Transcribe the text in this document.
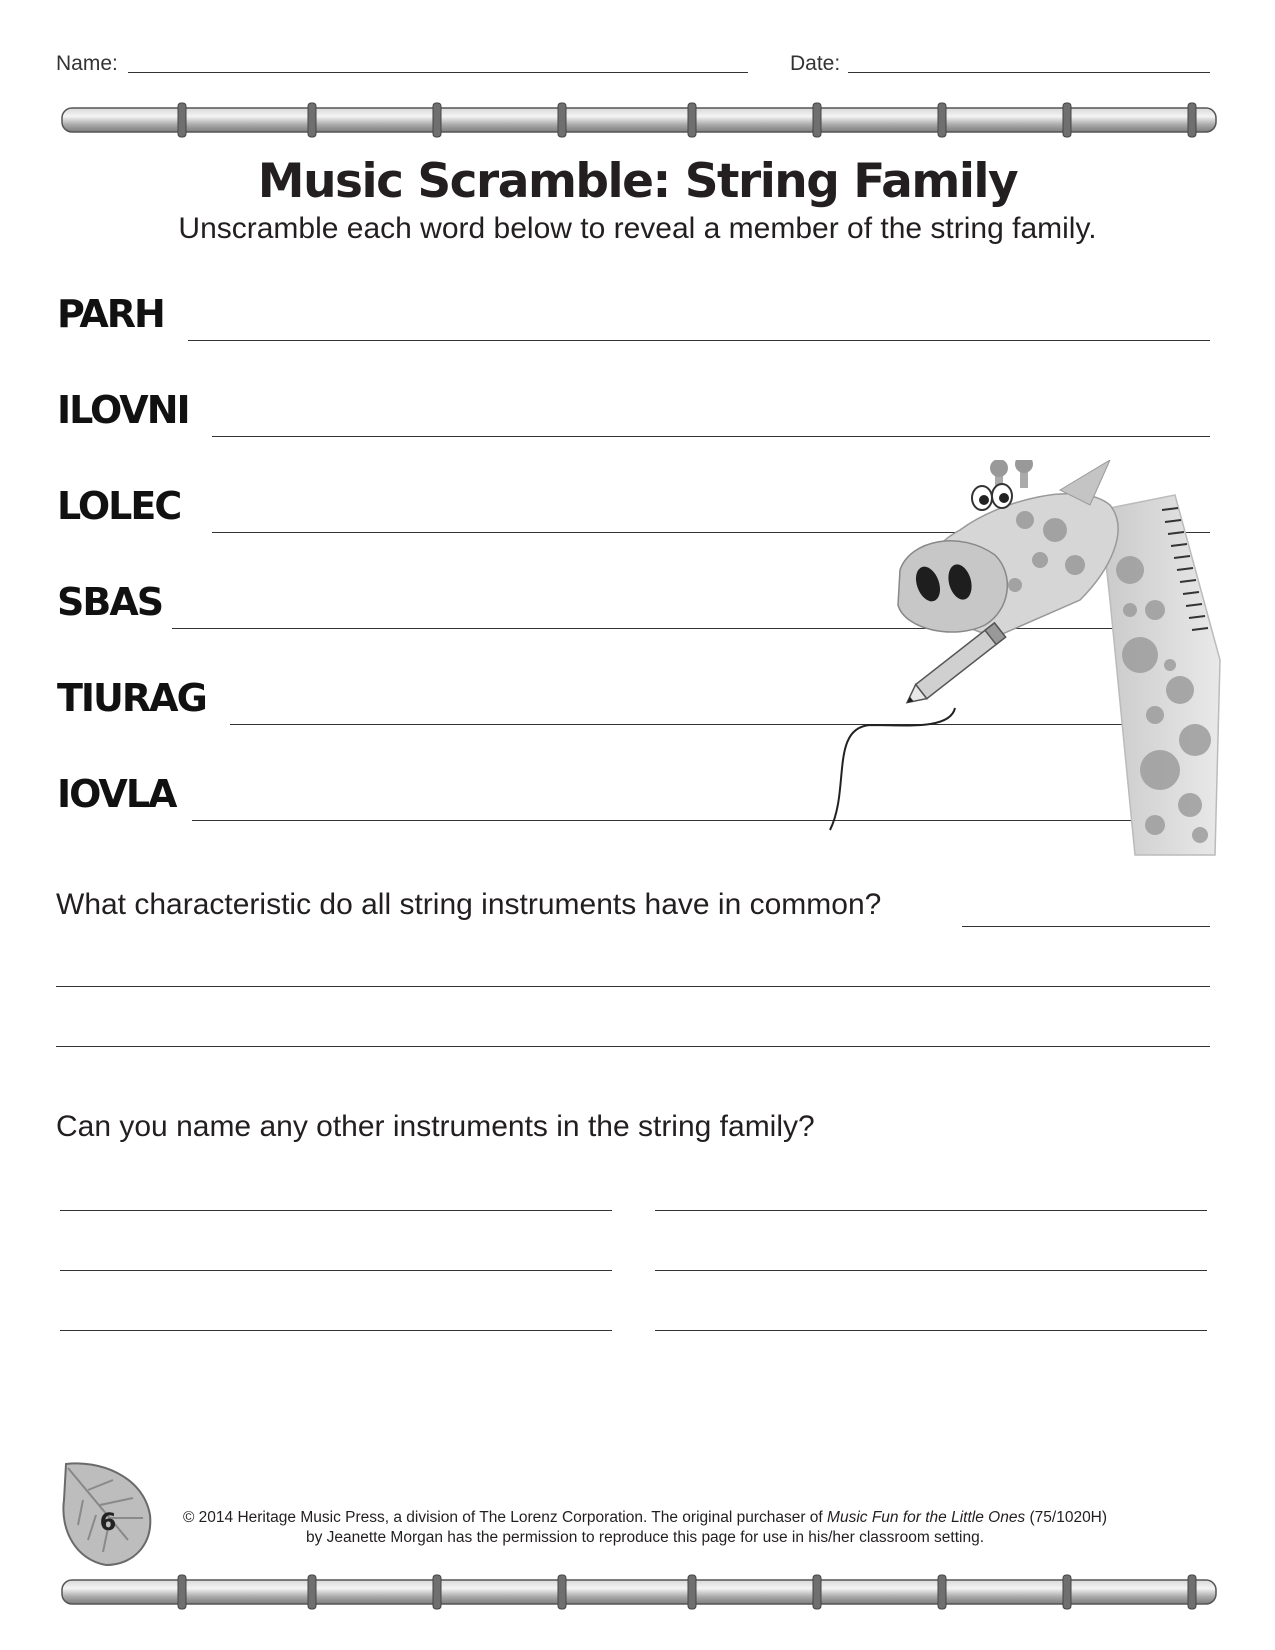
Name:	Date:
Music Scramble: String Family
Unscramble each word below to reveal a member of the string family.
PARH
ILOVNI
LOLEC
SBAS
TIURAG
IOVLA
What characteristic do all string instruments have in common?
Can you name any other instruments in the string family?
6	© 2014 Heritage Music Press, a division of The Lorenz Corporation. The original purchaser of Music Fun for the Little Ones (75/1020H)
by Jeanette Morgan has the permission to reproduce this page for use in his/her classroom setting.
